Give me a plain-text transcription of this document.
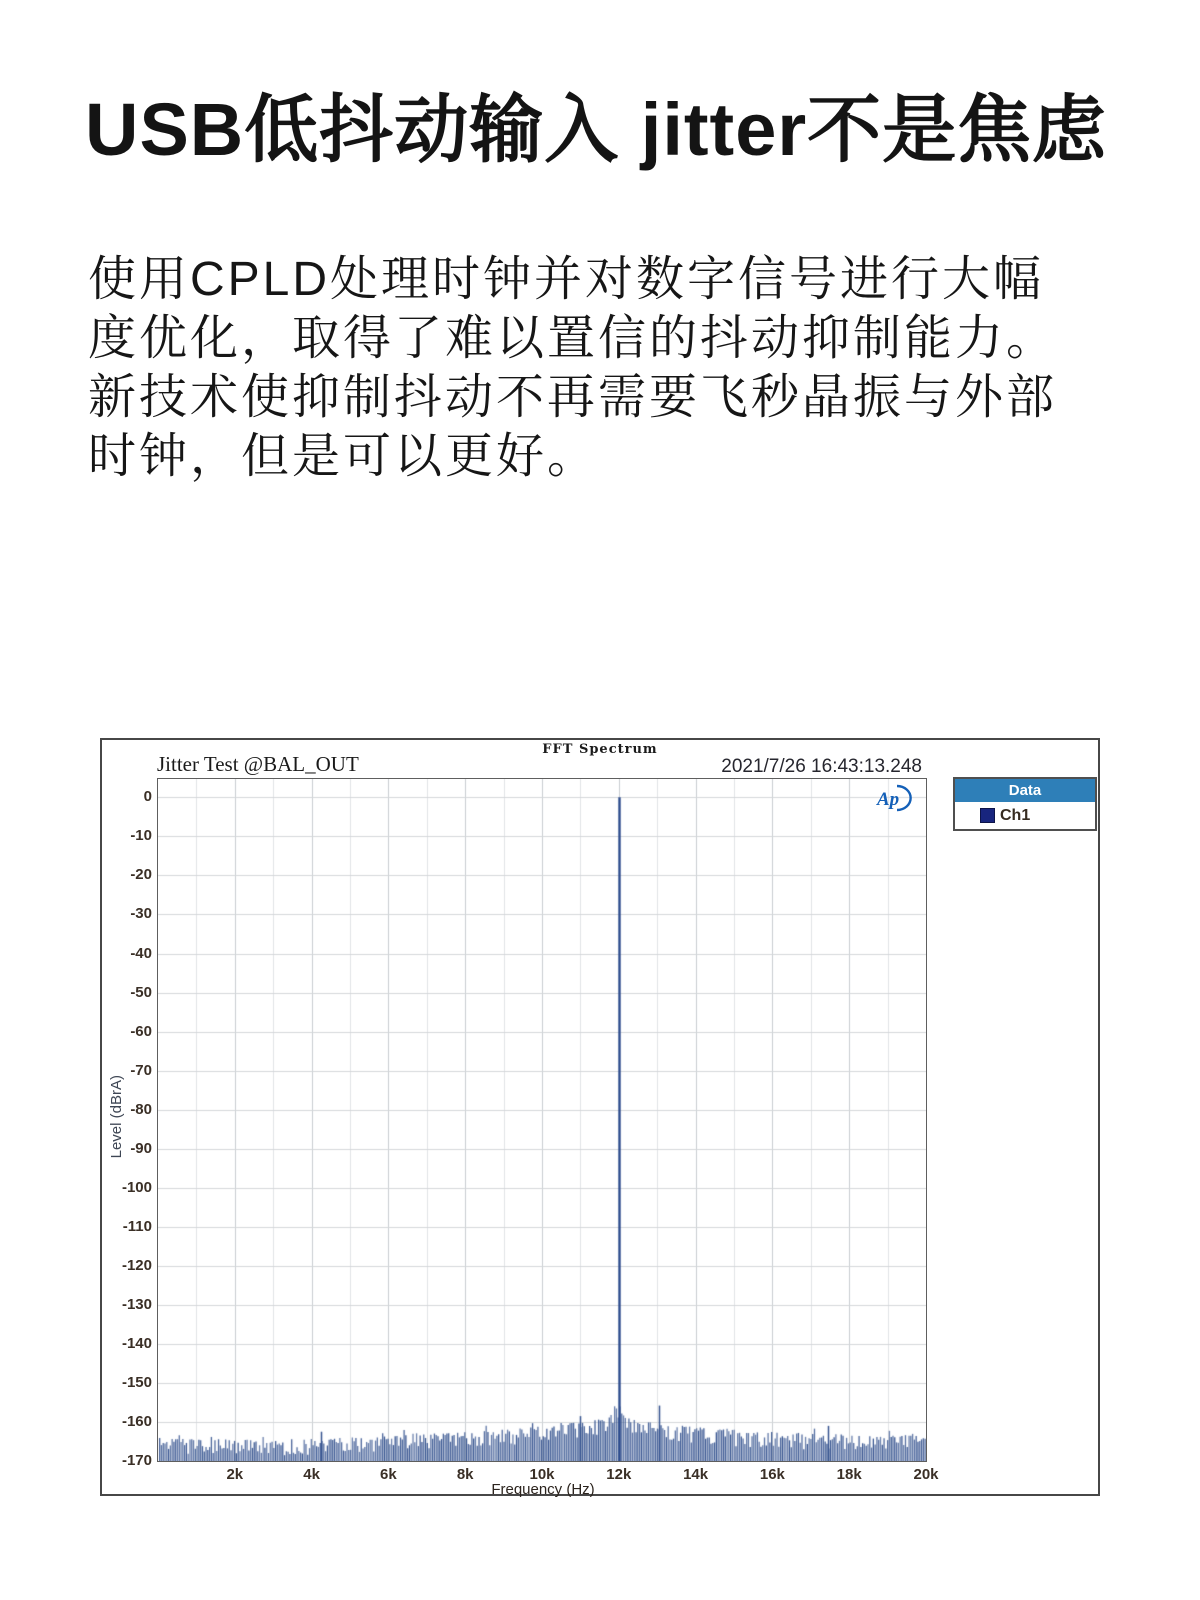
USB低抖动输入 jitter不是焦虑
使用CPLD处理时钟并对数字信号进行大幅
度优化，取得了难以置信的抖动抑制能力。
新技术使抑制抖动不再需要飞秒晶振与外部
时钟，但是可以更好。
FFT Spectrum
Jitter Test @BAL_OUT	2021/7/26 16:43:13.248
Ap
Level (dBrA)
Frequency (Hz)
Data
Ch1
0
-10
-20
-30
-40
-50
-60
-70
-80
-90
-100
-110
-120
-130
-140
-150
-160
-170
2k	4k	6k	8k	10k	12k	14k	16k	18k	20k
